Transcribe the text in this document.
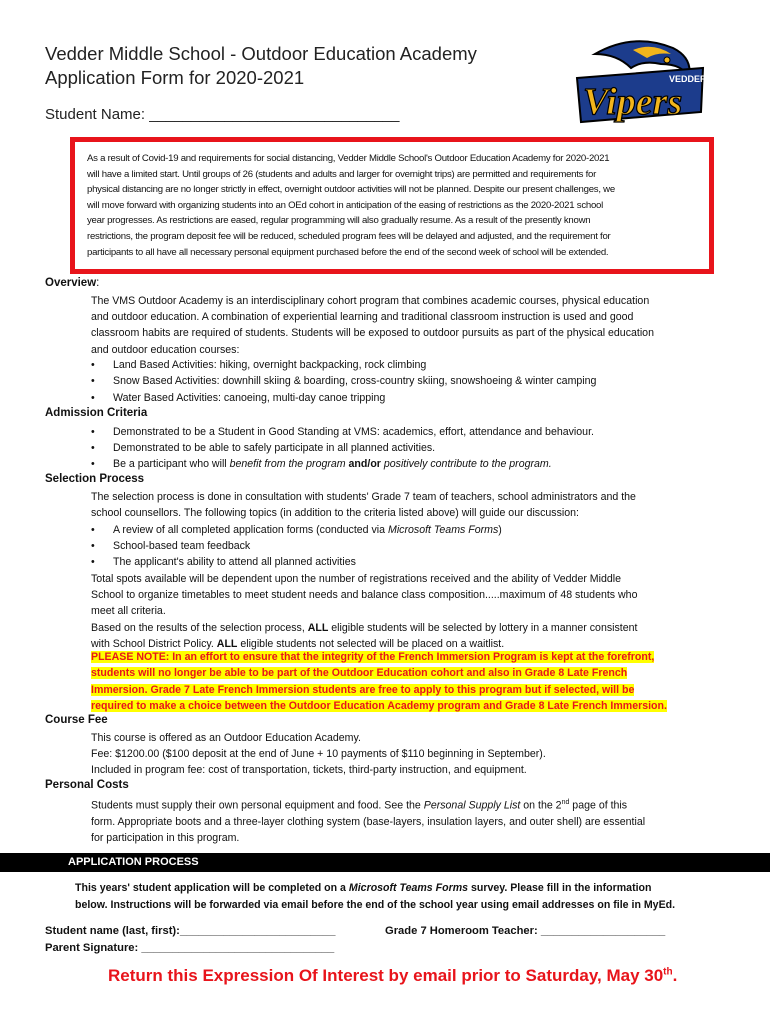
Vedder Middle School - Outdoor Education Academy
Application Form for 2020-2021
Student Name: ______________________________	Vipers
VEDDER
As a result of Covid-19 and requirements for social distancing, Vedder Middle School's Outdoor Education Academy for 2020-2021
will have a limited start. Until groups of 26 (students and adults and larger for overnight trips) are permitted and requirements for
physical distancing are no longer strictly in effect, overnight outdoor activities will not be planned. Despite our present challenges, we
will move forward with organizing students into an OEd cohort in anticipation of the easing of restrictions as the 2020-2021 school
year progresses. As restrictions are eased, regular programming will also gradually resume. As a result of the presently known
restrictions, the program deposit fee will be reduced, scheduled program fees will be delayed and adjusted, and the requirement for
participants to all have all necessary personal equipment purchased before the end of the second week of school will be extended.
Overview:
The VMS Outdoor Academy is an interdisciplinary cohort program that combines academic courses, physical education
and outdoor education. A combination of experiential learning and traditional classroom instruction is used and good
classroom habits are required of students. Students will be exposed to outdoor pursuits as part of the physical education
and outdoor education courses:
• Land Based Activities: hiking, overnight backpacking, rock climbing
• Snow Based Activities: downhill skiing & boarding, cross-country skiing, snowshoeing & winter camping
• Water Based Activities: canoeing, multi-day canoe tripping
Admission Criteria
• Demonstrated to be a Student in Good Standing at VMS: academics, effort, attendance and behaviour.
• Demonstrated to be able to safely participate in all planned activities.
• Be a participant who will benefit from the program and/or positively contribute to the program.
Selection Process
The selection process is done in consultation with students' Grade 7 team of teachers, school administrators and the
school counsellors. The following topics (in addition to the criteria listed above) will guide our discussion:
• A review of all completed application forms (conducted via Microsoft Teams Forms)
• School-based team feedback
• The applicant's ability to attend all planned activities
Total spots available will be dependent upon the number of registrations received and the ability of Vedder Middle
School to organize timetables to meet student needs and balance class composition.....maximum of 48 students who
meet all criteria.
Based on the results of the selection process, ALL eligible students will be selected by lottery in a manner consistent
with School District Policy. ALL eligible students not selected will be placed on a waitlist.
PLEASE NOTE: In an effort to ensure that the integrity of the French Immersion Program is kept at the forefront,
students will no longer be able to be part of the Outdoor Education cohort and also in Grade 8 Late French
Immersion. Grade 7 Late French Immersion students are free to apply to this program but if selected, will be
required to make a choice between the Outdoor Education Academy program and Grade 8 Late French Immersion.
Course Fee
This course is offered as an Outdoor Education Academy.
Fee: $1200.00 ($100 deposit at the end of June + 10 payments of $110 beginning in September).
Included in program fee: cost of transportation, tickets, third-party instruction, and equipment.
Personal Costs
Students must supply their own personal equipment and food. See the Personal Supply List on the 2nd page of this
form. Appropriate boots and a three-layer clothing system (base-layers, insulation layers, and outer shell) are essential
for participation in this program.
APPLICATION PROCESS
This years' student application will be completed on a Microsoft Teams Forms survey. Please fill in the information
below. Instructions will be forwarded via email before the end of the school year using email addresses on file in MyEd.
Student name (last, first):_________________________	Grade 7 Homeroom Teacher: ____________________
Parent Signature: _______________________________
Return this Expression Of Interest by email prior to Saturday, May 30th.
